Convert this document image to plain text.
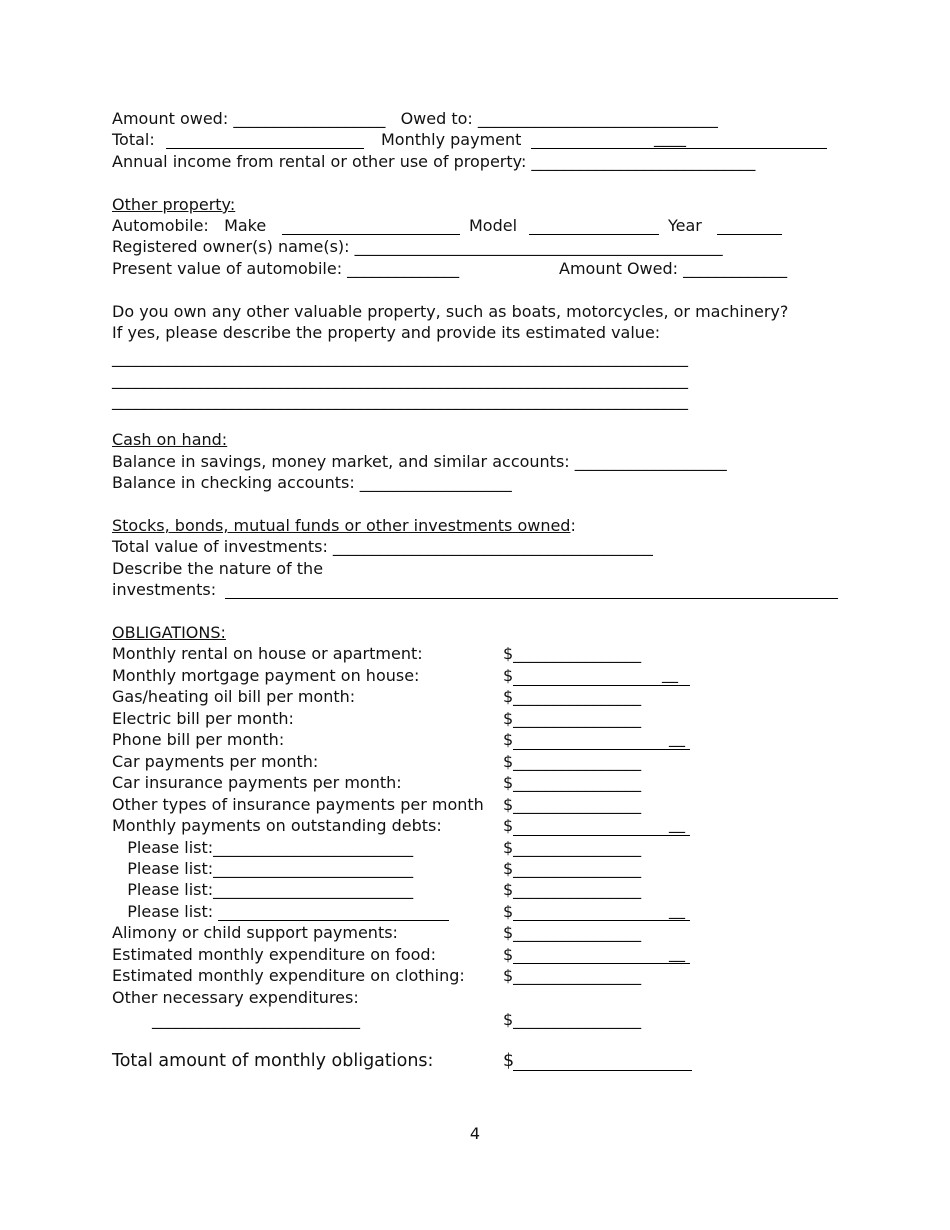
Amount owed: ___________________   Owed to: ______________________________
Total:	Monthly payment	____
Annual income from rental or other use of property: ____________________________
Other property:
Automobile:   Make	Model	Year
Registered owner(s) name(s): ______________________________________________
Present value of automobile: ______________	Amount Owed: _____________
Do you own any other valuable property, such as boats, motorcycles, or machinery?
If yes, please describe the property and provide its estimated value:
________________________________________________________________________
________________________________________________________________________
________________________________________________________________________
Cash on hand:
Balance in savings, money market, and similar accounts: ___________________
Balance in checking accounts: ___________________
Stocks, bonds, mutual funds or other investments owned:
Total value of investments: ________________________________________
Describe the nature of the
investments:
OBLIGATIONS:
Monthly rental on house or apartment:	$________________
Monthly mortgage payment on house:	$	__
Gas/heating oil bill per month:	$________________
Electric bill per month:	$________________
Phone bill per month:	$	__
Car payments per month:	$________________
Car insurance payments per month:	$________________
Other types of insurance payments per month $________________
Monthly payments on outstanding debts:	$	__
Please list:_________________________	$________________
Please list:_________________________	$________________
Please list:_________________________	$________________
Please list:	$	__
Alimony or child support payments:	$________________
Estimated monthly expenditure on food:	$	__
Estimated monthly expenditure on clothing: $________________
Other necessary expenditures:
__________________________	$________________
Total amount of monthly obligations:	$
4
